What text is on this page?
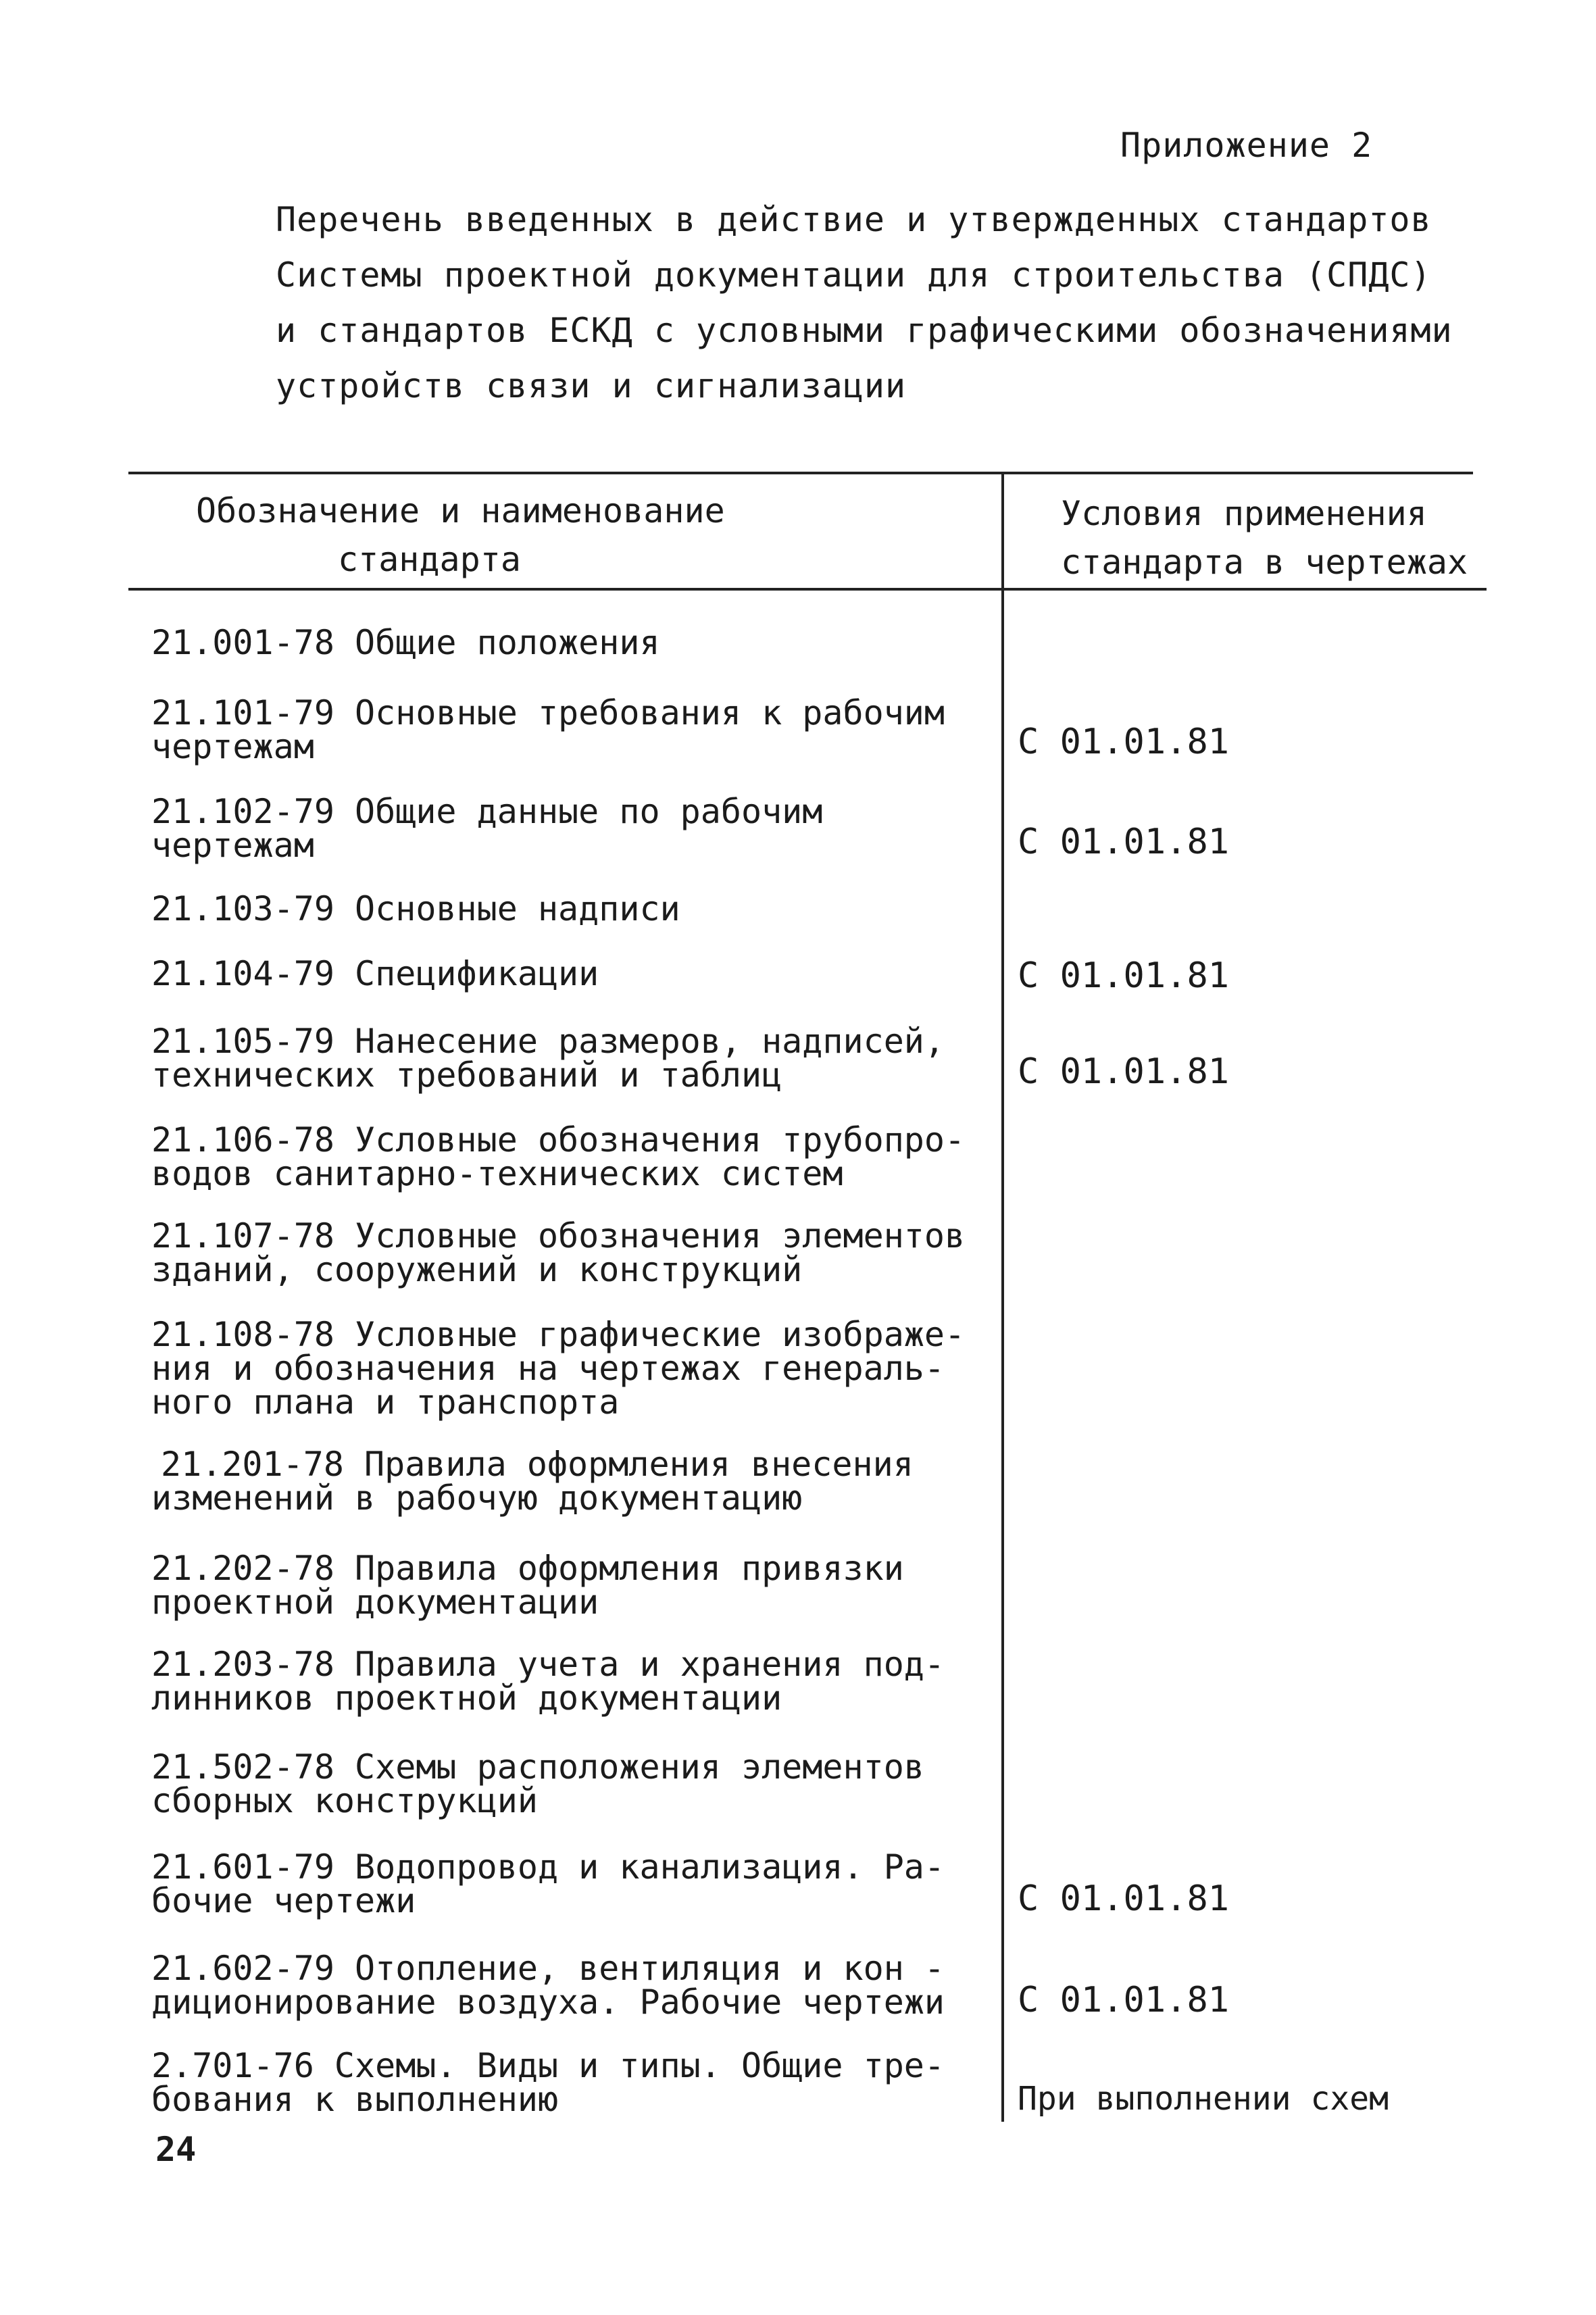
Приложение 2
Перечень введенных в действие и утвержденных стандартов
Системы проектной документации для строительства (СПДС)
и стандартов ЕСКД с условными графическими обозначениями
устройств связи и сигнализации
Обозначение и наименование
стандарта
Условия применения
стандарта в чертежах
21.001-78 Общие положения
21.101-79 Основные требования к рабочим
чертежам	С 01.01.81
21.102-79 Общие данные по рабочим
чертежам	С 01.01.81
21.103-79 Основные надписи
21.104-79 Спецификации	С 01.01.81
21.105-79 Нанесение размеров, надписей,
технических требований и таблиц	С 01.01.81
21.106-78 Условные обозначения трубопро-
водов санитарно-технических систем
21.107-78 Условные обозначения элементов
зданий, сооружений и конструкций
21.108-78 Условные графические изображе-
ния и обозначения на чертежах генераль-
ного плана и транспорта
21.201-78 Правила оформления внесения
изменений в рабочую документацию
21.202-78 Правила оформления привязки
проектной документации
21.203-78 Правила учета и хранения под-
линников проектной документации
21.502-78 Схемы расположения элементов
сборных конструкций
21.601-79 Водопровод и канализация. Ра-
бочие чертежи	С 01.01.81
21.602-79 Отопление, вентиляция и кон -
диционирование воздуха. Рабочие чертежи	С 01.01.81
2.701-76 Схемы. Виды и типы. Общие тре-
бования к выполнению	При выполнении схем
24
